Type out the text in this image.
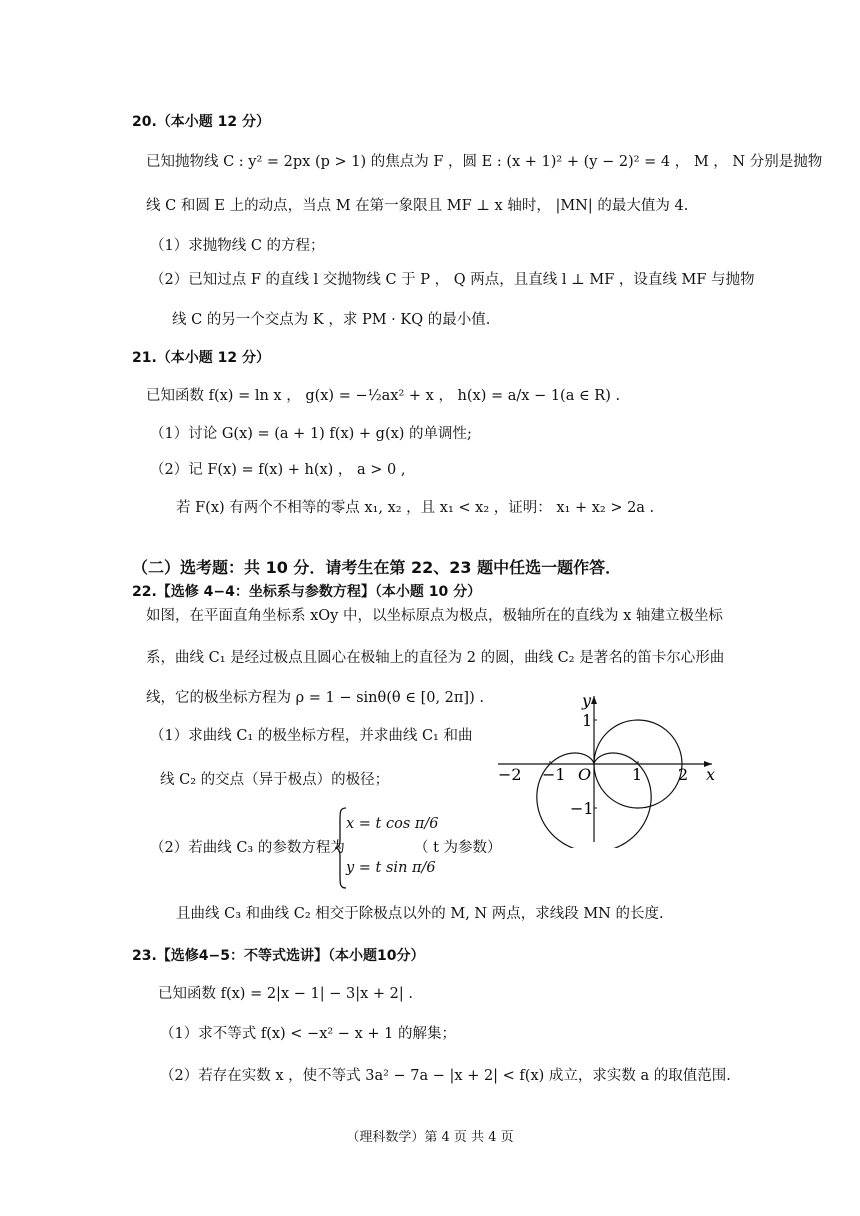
20.（本小题 12 分）
已知抛物线 C : y² = 2px (p > 1) 的焦点为 F ，圆 E : (x + 1)² + (y − 2)² = 4 ， M ， N 分别是抛物
线 C 和圆 E 上的动点，当点 M 在第一象限且 MF ⊥ x 轴时， |MN| 的最大值为 4.
（1）求抛物线 C 的方程；
（2）已知过点 F 的直线 l 交抛物线 C 于 P ， Q 两点，且直线 l ⊥ MF ，设直线 MF 与抛物
线 C 的另一个交点为 K ，求 PM · KQ 的最小值.
21.（本小题 12 分）
已知函数 f(x) = ln x ， g(x) = −½ax² + x ， h(x) = a/x − 1(a ∈ R) .
（1）讨论 G(x) = (a + 1) f(x) + g(x) 的单调性;
（2）记 F(x) = f(x) + h(x) ， a > 0 ,
若 F(x) 有两个不相等的零点 x₁, x₂ ，且 x₁ < x₂ ，证明： x₁ + x₂ > 2a .
（二）选考题：共 10 分．请考生在第 22、23 题中任选一题作答．
22.【选修 4−4：坐标系与参数方程】（本小题 10 分）
如图，在平面直角坐标系 xOy 中，以坐标原点为极点，极轴所在的直线为 x 轴建立极坐标
系，曲线 C₁ 是经过极点且圆心在极轴上的直径为 2 的圆，曲线 C₂ 是著名的笛卡尔心形曲
线，它的极坐标方程为 ρ = 1 − sinθ(θ ∈ [0, 2π]) .
（1）求曲线 C₁ 的极坐标方程，并求曲线 C₁ 和曲
线 C₂ 的交点（异于极点）的极径；
（2）若曲线 C₃ 的参数方程为
x = t cos π/6
y = t sin π/6
（ t 为参数）
且曲线 C₃ 和曲线 C₂ 相交于除极点以外的 M, N 两点，求线段 MN 的长度.
y
x
O
−2 −1	1 2
1
−1
23.【选修4−5：不等式选讲】（本小题10分）
已知函数 f(x) = 2|x − 1| − 3|x + 2| .
（1）求不等式 f(x) < −x² − x + 1 的解集；
（2）若存在实数 x ，使不等式 3a² − 7a − |x + 2| < f(x) 成立，求实数 a 的取值范围.
（理科数学）第 4 页 共 4 页
